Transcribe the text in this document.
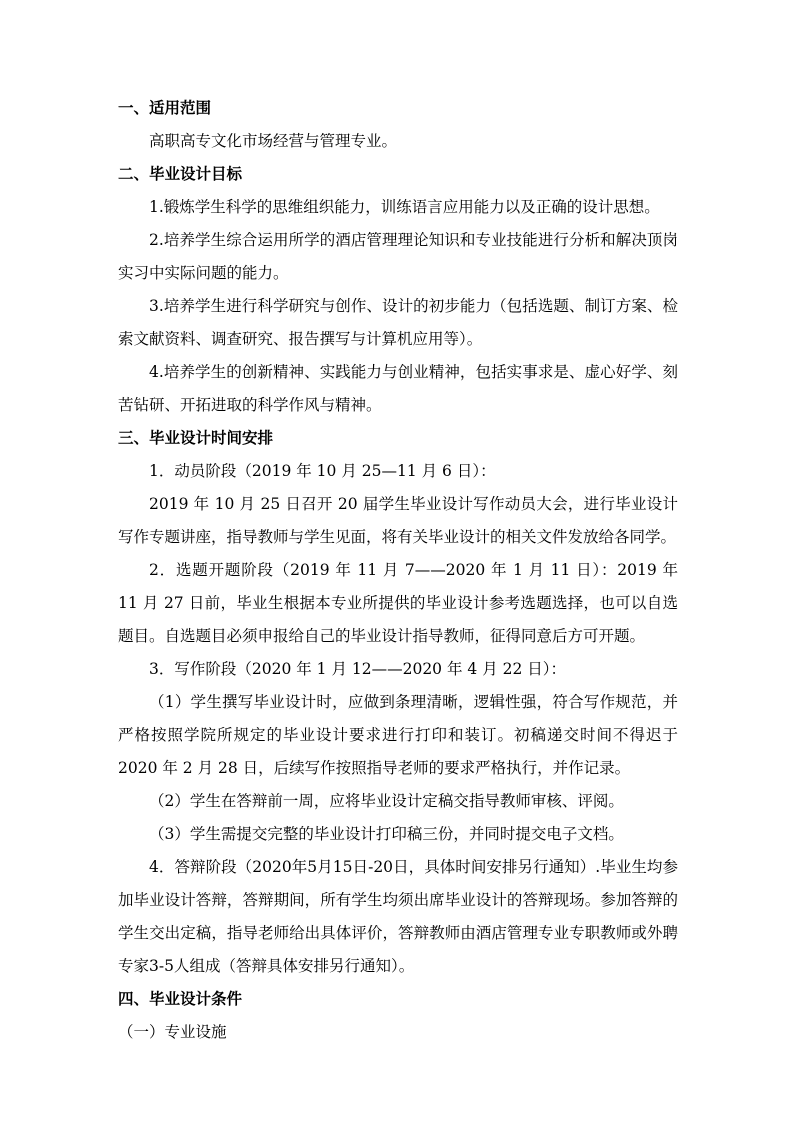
一、适用范围
高职高专文化市场经营与管理专业。
二、毕业设计目标
1.锻炼学生科学的思维组织能力，训练语言应用能力以及正确的设计思想。
2.培养学生综合运用所学的酒店管理理论知识和专业技能进行分析和解决顶岗实习中实际问题的能力。
3.培养学生进行科学研究与创作、设计的初步能力（包括选题、制订方案、检索文献资料、调查研究、报告撰写与计算机应用等）。
4.培养学生的创新精神、实践能力与创业精神，包括实事求是、虚心好学、刻苦钻研、开拓进取的科学作风与精神。
三、毕业设计时间安排
1．动员阶段（2019 年 10 月 25—11 月 6 日）：
2019 年 10 月 25 日召开 20 届学生毕业设计写作动员大会，进行毕业设计写作专题讲座，指导教师与学生见面，将有关毕业设计的相关文件发放给各同学。
2．选题开题阶段（2019 年 11 月 7——2020 年 1 月 11 日）：2019 年 11 月 27 日前，毕业生根据本专业所提供的毕业设计参考选题选择，也可以自选题目。自选题目必须申报给自己的毕业设计指导教师，征得同意后方可开题。
3．写作阶段（2020 年 1 月 12——2020 年 4 月 22 日）：
（1）学生撰写毕业设计时，应做到条理清晰，逻辑性强，符合写作规范，并严格按照学院所规定的毕业设计要求进行打印和装订。初稿递交时间不得迟于 2020 年 2 月 28 日，后续写作按照指导老师的要求严格执行，并作记录。
（2）学生在答辩前一周，应将毕业设计定稿交指导教师审核、评阅。
（3）学生需提交完整的毕业设计打印稿三份，并同时提交电子文档。
4．答辩阶段（2020年5月15日-20日，具体时间安排另行通知）.毕业生均参加毕业设计答辩，答辩期间，所有学生均须出席毕业设计的答辩现场。参加答辩的学生交出定稿，指导老师给出具体评价，答辩教师由酒店管理专业专职教师或外聘专家3-5人组成（答辩具体安排另行通知）。
四、毕业设计条件
（一）专业设施
